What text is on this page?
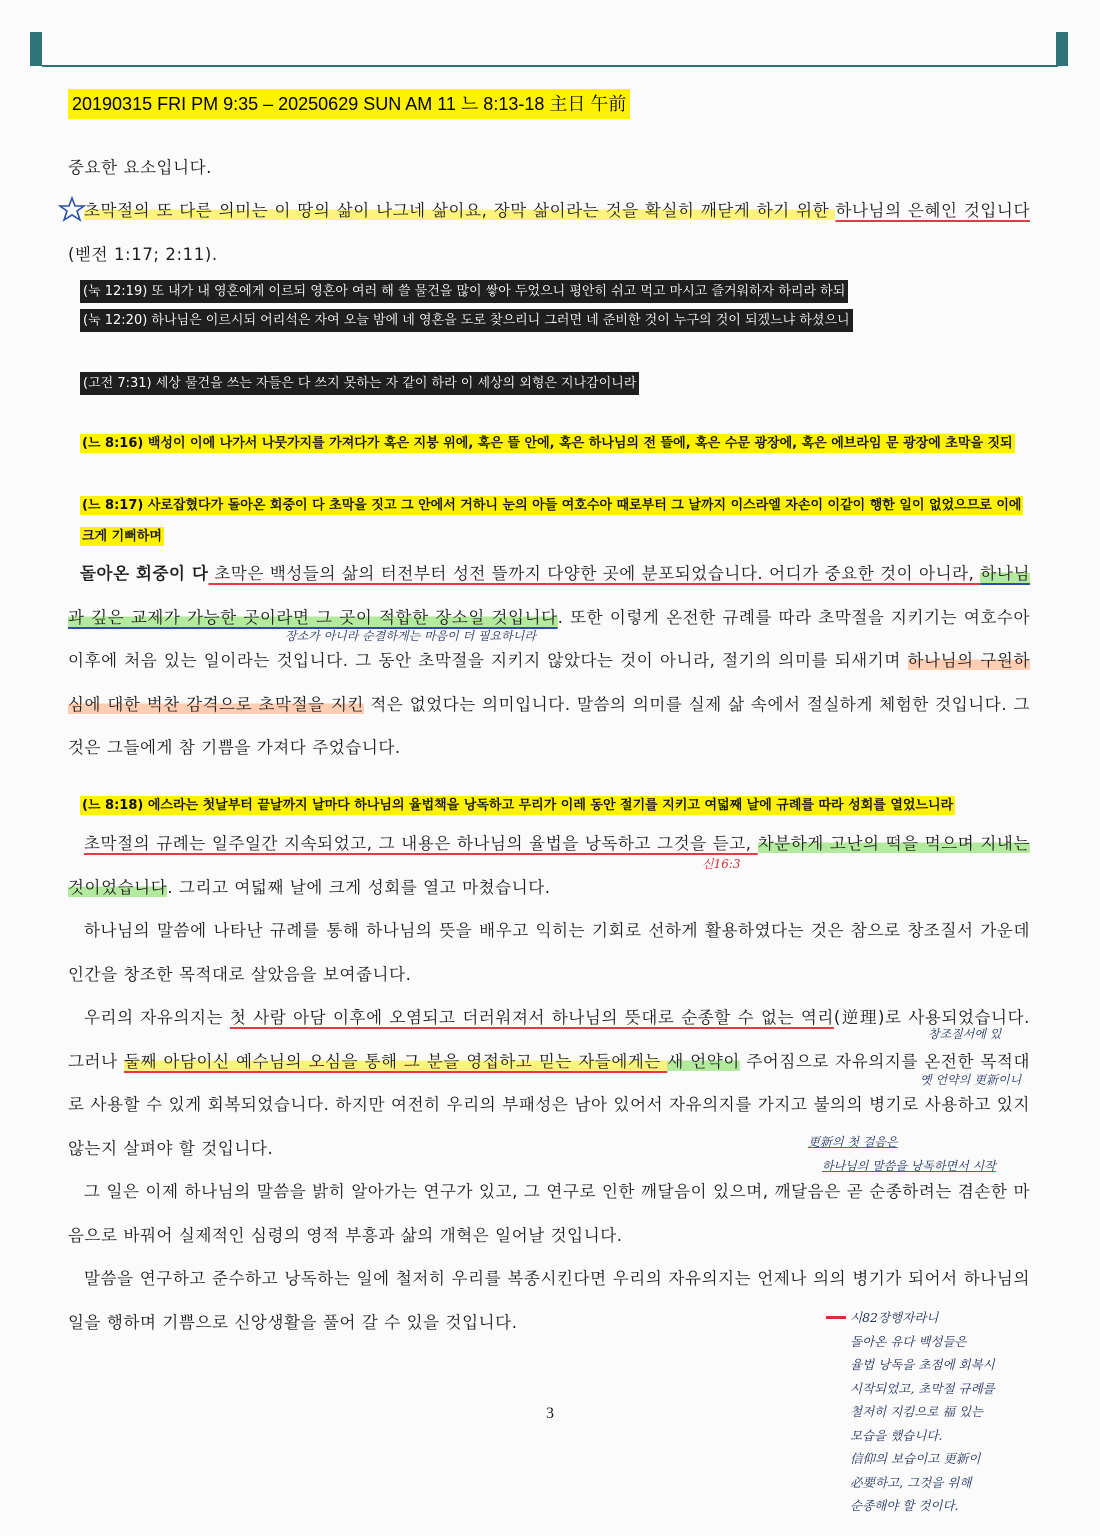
20190315 FRI PM 9:35 – 20250629 SUN AM 11 느 8:13-18 主日 午前
중요한 요소입니다.
초막절의 또 다른 의미는 이 땅의 삶이 나그네 삶이요, 장막 삶이라는 것을 확실히 깨닫게 하기 위한 하나님의 은혜인 것입니다(벧전 1:17; 2:11).
(눅 12:19) 또 내가 내 영혼에게 이르되 영혼아 여러 해 쓸 물건을 많이 쌓아 두었으니 평안히 쉬고 먹고 마시고 즐거워하자 하리라 하되
(눅 12:20) 하나님은 이르시되 어리석은 자여 오늘 밤에 네 영혼을 도로 찾으리니 그러면 네 준비한 것이 누구의 것이 되겠느냐 하셨으니
(고전 7:31) 세상 물건을 쓰는 자들은 다 쓰지 못하는 자 같이 하라 이 세상의 외형은 지나감이니라
(느 8:16) 백성이 이에 나가서 나뭇가지를 가져다가 혹은 지붕 위에, 혹은 뜰 안에, 혹은 하나님의 전 뜰에, 혹은 수문 광장에, 혹은 에브라임 문 광장에 초막을 짓되
(느 8:17) 사로잡혔다가 돌아온 회중이 다 초막을 짓고 그 안에서 거하니 눈의 아들 여호수아 때로부터 그 날까지 이스라엘 자손이 이같이 행한 일이 없었으므로 이에 크게 기뻐하며
돌아온 회중이 다 초막은 백성들의 삶의 터전부터 성전 뜰까지 다양한 곳에 분포되었습니다. 어디가 중요한 것이 아니라, 하나님과 깊은 교제가 가능한 곳이라면 그 곳이 적합한 장소일 것입니다. 또한 이렇게 온전한 규례를 따라 초막절을 지키기는 여호수아 이후에 처음 있는 일이라는 것입니다. 그 동안 초막절을 지키지 않았다는 것이 아니라, 절기의 의미를 되새기며 하나님의 구원하심에 대한 벅찬 감격으로 초막절을 지킨 적은 없었다는 의미입니다. 말씀의 의미를 실제 삶 속에서 절실하게 체험한 것입니다. 그것은 그들에게 참 기쁨을 가져다 주었습니다.
장소가 아니라 순결하게는 마음이 더 필요하니라
(느 8:18) 에스라는 첫날부터 끝날까지 날마다 하나님의 율법책을 낭독하고 무리가 이레 동안 절기를 지키고 여덟째 날에 규례를 따라 성회를 열었느니라
초막절의 규례는 일주일간 지속되었고, 그 내용은 하나님의 율법을 낭독하고 그것을 듣고, 차분하게 고난의 떡을 먹으며 지내는 것이었습니다. 그리고 여덟째 날에 크게 성회를 열고 마쳤습니다.
신16:3
하나님의 말씀에 나타난 규례를 통해 하나님의 뜻을 배우고 익히는 기회로 선하게 활용하였다는 것은 참으로 창조질서 가운데 인간을 창조한 목적대로 살았음을 보여줍니다.
우리의 자유의지는 첫 사람 아담 이후에 오염되고 더러워져서 하나님의 뜻대로 순종할 수 없는 역리(逆理)로 사용되었습니다. 그러나 둘째 아담이신 예수님의 오심을 통해 그 분을 영접하고 믿는 자들에게는 새 언약이 주어짐으로 자유의지를 온전한 목적대로 사용할 수 있게 회복되었습니다. 하지만 여전히 우리의 부패성은 남아 있어서 자유의지를 가지고 불의의 병기로 사용하고 있지 않는지 살펴야 할 것입니다.
창조질서에 있
옛 언약의 更新이니
更新의 첫 걸음은
하나님의 말씀을 낭독하면서 시작
그 일은 이제 하나님의 말씀을 밝히 알아가는 연구가 있고, 그 연구로 인한 깨달음이 있으며, 깨달음은 곧 순종하려는 겸손한 마음으로 바꿔어 실제적인 심령의 영적 부흥과 삶의 개혁은 일어날 것입니다.
말씀을 연구하고 준수하고 낭독하는 일에 철저히 우리를 복종시킨다면 우리의 자유의지는 언제나 의의 병기가 되어서 하나님의 일을 행하며 기쁨으로 신앙생활을 풀어 갈 수 있을 것입니다.	시82장행자라니
돌아온 유다 백성들은
율법 낭독을 초점에 회복시
시작되었고, 초막절 규례를
철저히 지킴으로 福 있는
모습을 했습니다.
信仰의 보습이고 更新이
必要하고, 그것을 위해
순종해야 할 것이다.
3
